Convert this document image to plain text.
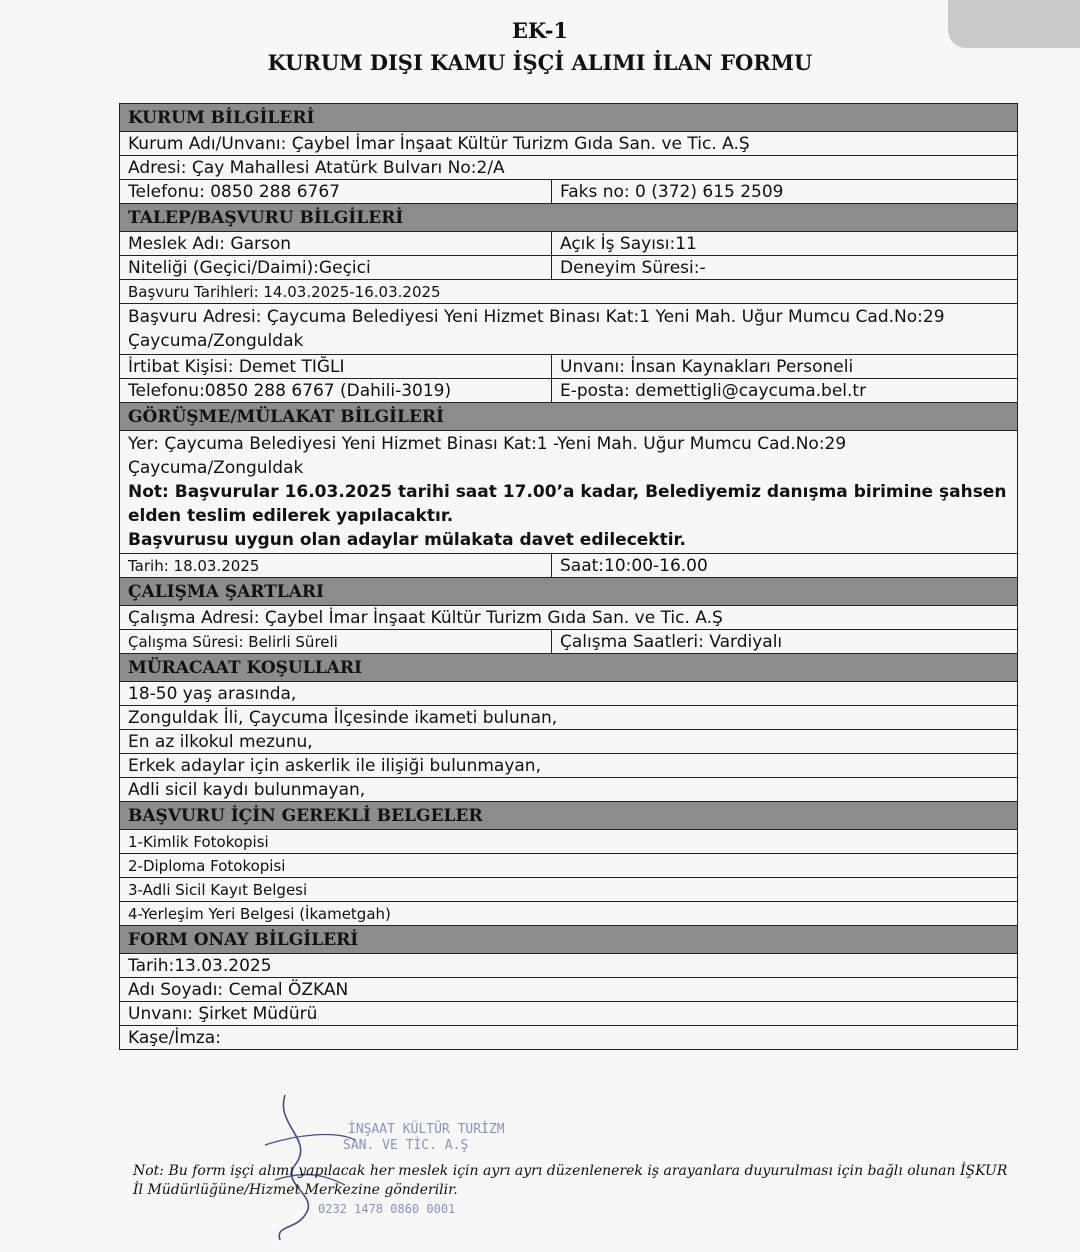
EK-1
KURUM DIŞI KAMU İŞÇİ ALIMI İLAN FORMU
KURUM BİLGİLERİ	
Kurum Adı/Unvanı: Çaybel İmar İnşaat Kültür Turizm Gıda San. ve Tic. A.Ş	
Adresi: Çay Mahallesi Atatürk Bulvarı No:2/A	
Telefonu: 0850 288 6767	Faks no: 0 (372) 615 2509
TALEP/BAŞVURU BİLGİLERİ	
Meslek Adı: Garson	Açık İş Sayısı:11
Niteliği (Geçici/Daimi):Geçici	Deneyim Süresi:-
Başvuru Tarihleri: 14.03.2025-16.03.2025	
Başvuru Adresi: Çaycuma Belediyesi Yeni Hizmet Binası Kat:1 Yeni Mah. Uğur Mumcu Cad.No:29 Çaycuma/Zonguldak	
İrtibat Kişisi: Demet TIĞLI	Unvanı: İnsan Kaynakları Personeli
Telefonu:0850 288 6767 (Dahili-3019)	E-posta: demettigli@caycuma.bel.tr
GÖRÜŞME/MÜLAKAT BİLGİLERİ	

Yer: Çaycuma Belediyesi Yeni Hizmet Binası Kat:1 -Yeni Mah. Uğur Mumcu Cad.No:29 Çaycuma/Zonguldak
Not: Başvurular 16.03.2025 tarihi saat 17.00’a kadar, Belediyemiz danışma birimine şahsen elden teslim edilerek yapılacaktır.
Başvurusu uygun olan adaylar mülakata davet edilecektir.	

Tarih: 18.03.2025	Saat:10:00-16.00
ÇALIŞMA ŞARTLARI	
Çalışma Adresi: Çaybel İmar İnşaat Kültür Turizm Gıda San. ve Tic. A.Ş	
Çalışma Süresi: Belirli Süreli	Çalışma Saatleri: Vardiyalı
MÜRACAAT KOŞULLARI	
18-50 yaş arasında,	
Zonguldak İli, Çaycuma İlçesinde ikameti bulunan,	
En az ilkokul mezunu,	
Erkek adaylar için askerlik ile ilişiği bulunmayan,	
Adli sicil kaydı bulunmayan,	
BAŞVURU İÇİN GEREKLİ BELGELER	
1-Kimlik Fotokopisi	
2-Diploma Fotokopisi	
3-Adli Sicil Kayıt Belgesi	
4-Yerleşim Yeri Belgesi (İkametgah)	
FORM ONAY BİLGİLERİ	
Tarih:13.03.2025	
Adı Soyadı: Cemal ÖZKAN	
Unvanı: Şirket Müdürü	
Kaşe/İmza:	
İNŞAAT KÜLTÜR TURİZM
SAN. VE TİC. A.Ş
0232 1478 0860 0001
Not: Bu form işçi alımı yapılacak her meslek için ayrı ayrı düzenlenerek iş arayanlara duyurulması için bağlı olunan İŞKUR İl Müdürlüğüne/Hizmet Merkezine gönderilir.
